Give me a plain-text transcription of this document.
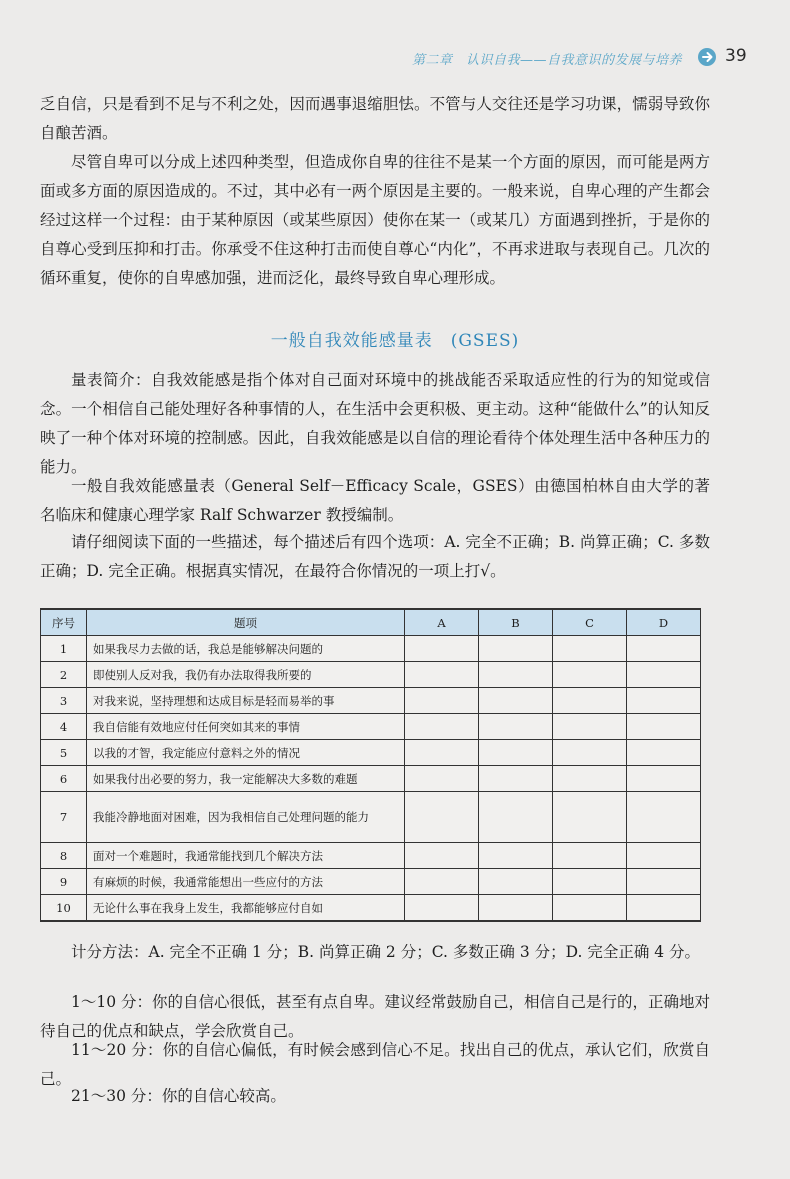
第二章　认识自我——自我意识的发展与培养	39

乏自信，只是看到不足与不利之处，因而遇事退缩胆怯。不管与人交往还是学习功课，懦弱导致你自酿苦酒。

尽管自卑可以分成上述四种类型，但造成你自卑的往往不是某一个方面的原因，而可能是两方面或多方面的原因造成的。不过，其中必有一两个原因是主要的。一般来说，自卑心理的产生都会经过这样一个过程：由于某种原因（或某些原因）使你在某一（或某几）方面遇到挫折，于是你的自尊心受到压抑和打击。你承受不住这种打击而使自尊心“内化”，不再求进取与表现自己。几次的循环重复，使你的自卑感加强，进而泛化，最终导致自卑心理形成。

一般自我效能感量表 (GSES)

量表简介：自我效能感是指个体对自己面对环境中的挑战能否采取适应性的行为的知觉或信念。一个相信自己能处理好各种事情的人，在生活中会更积极、更主动。这种“能做什么”的认知反映了一种个体对环境的控制感。因此，自我效能感是以自信的理论看待个体处理生活中各种压力的能力。

一般自我效能感量表（General Self－Efficacy Scale，GSES）由德国柏林自由大学的著名临床和健康心理学家 Ralf Schwarzer 教授编制。

请仔细阅读下面的一些描述，每个描述后有四个选项：A. 完全不正确；B. 尚算正确；C. 多数正确；D. 完全正确。根据真实情况，在最符合你情况的一项上打√。

序号	题项	A	B	C	D
1	如果我尽力去做的话，我总是能够解决问题的				
2	即使别人反对我，我仍有办法取得我所要的				
3	对我来说，坚持理想和达成目标是轻而易举的事				
4	我自信能有效地应付任何突如其来的事情				
5	以我的才智，我定能应付意料之外的情况				
6	如果我付出必要的努力，我一定能解决大多数的难题				
7	我能冷静地面对困难，因为我相信自己处理问题的能力				
8	面对一个难题时，我通常能找到几个解决方法				
9	有麻烦的时候，我通常能想出一些应付的方法				
10	无论什么事在我身上发生，我都能够应付自如				

计分方法：A. 完全不正确 1 分；B. 尚算正确 2 分；C. 多数正确 3 分；D. 完全正确 4 分。

1～10 分：你的自信心很低，甚至有点自卑。建议经常鼓励自己，相信自己是行的，正确地对待自己的优点和缺点，学会欣赏自己。

11～20 分：你的自信心偏低，有时候会感到信心不足。找出自己的优点，承认它们，欣赏自己。

21～30 分：你的自信心较高。
